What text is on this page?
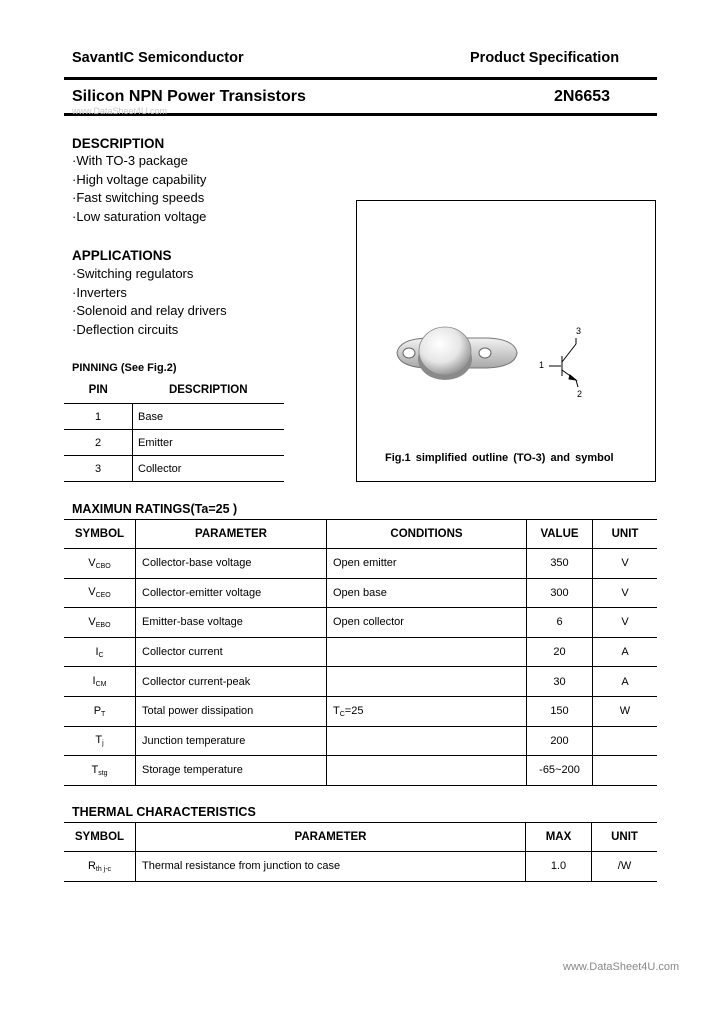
SavantIC Semiconductor	Product Specification
Silicon NPN Power Transistors	2N6653
www.DataSheet4U.com
DESCRIPTION
·With TO-3 package
·High voltage capability
·Fast switching speeds
·Low saturation voltage
APPLICATIONS
·Switching regulators
·Inverters
·Solenoid and relay drivers
·Deflection circuits
PINNING (See Fig.2)
PIN	DESCRIPTION
1	Base
2	Emitter
3	Collector
3
1
2
Fig.1 simplified outline (TO-3) and symbol
MAXIMUN RATINGS(Ta=25 )
SYMBOL	PARAMETER	CONDITIONS	VALUE	UNIT
$V_{CBO}$	Collector-base voltage	Open emitter	350	V
$V_{CEO}$	Collector-emitter voltage	Open base	300	V
$V_{EBO}$	Emitter-base voltage	Open collector	6	V
$I_C$	Collector current		20	A
$I_{CM}$	Collector current-peak		30	A
$P_T$	Total power dissipation	$T_C=25$	150	W
$T_j$	Junction temperature		200	
$T_{stg}$	Storage temperature		-65~200	
THERMAL CHARACTERISTICS
SYMBOL	PARAMETER	MAX	UNIT
$R_{th j-c}$	Thermal resistance from junction to case	1.0	/W
www.DataSheet4U.com
